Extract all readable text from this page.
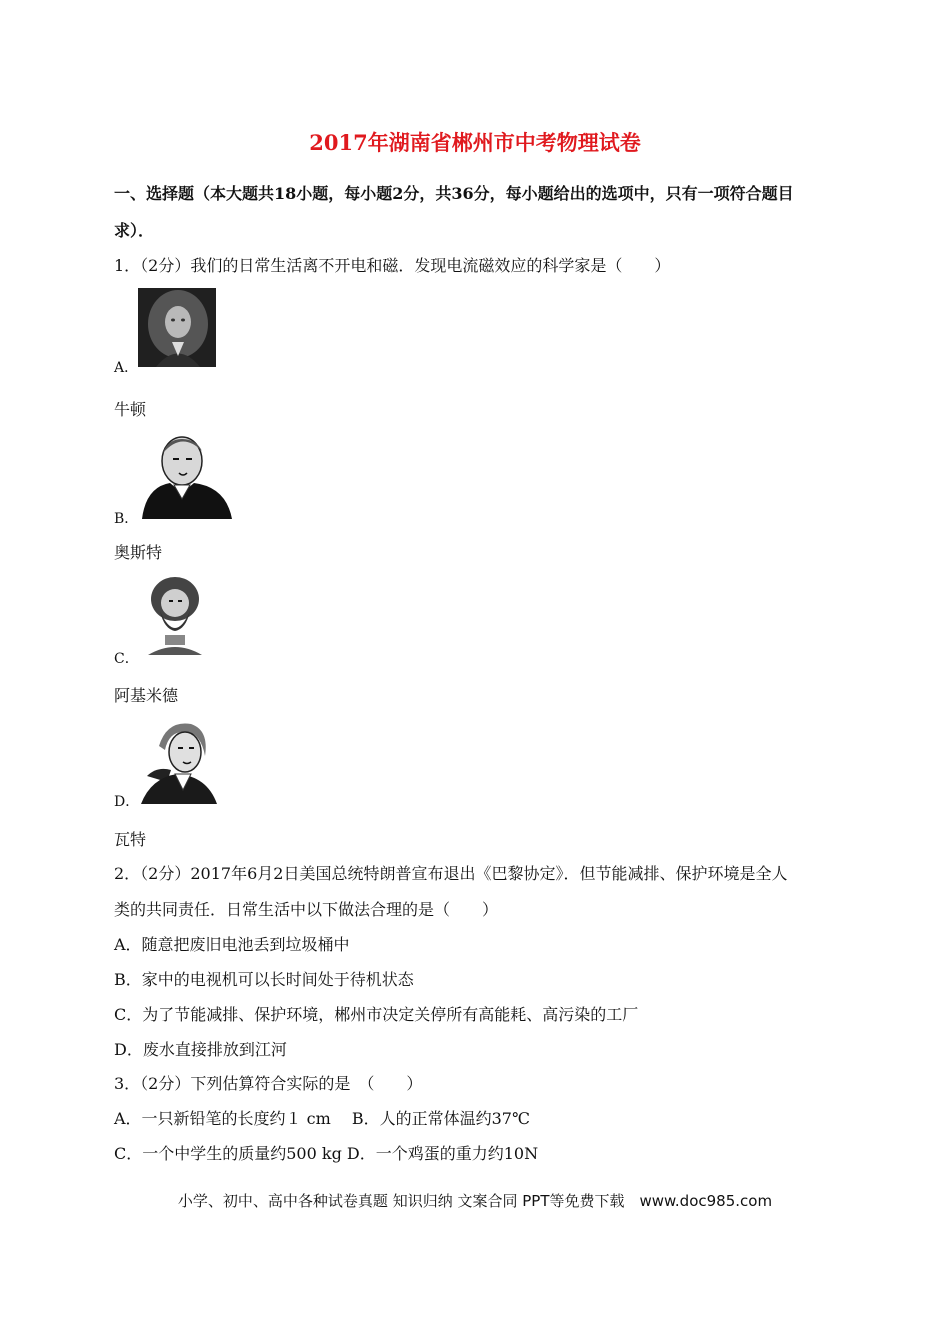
2017年湖南省郴州市中考物理试卷
一、选择题（本大题共18小题，每小题2分，共36分，每小题给出的选项中，只有一项符合题目
求）．
1．（2分）我们的日常生活离不开电和磁．发现电流磁效应的科学家是（　　）
A．
牛顿
B．
奥斯特
C．
阿基米德
D．
瓦特
2．（2分）2017年6月2日美国总统特朗普宣布退出《巴黎协定》．但节能减排、保护环境是全人
类的共同责任．日常生活中以下做法合理的是（　　）
A．随意把废旧电池丢到垃圾桶中
B．家中的电视机可以长时间处于待机状态
C．为了节能减排、保护环境，郴州市决定关停所有高能耗、高污染的工厂
D．废水直接排放到江河
3．（2分）下列估算符合实际的是　（　　）
A．一只新铅笔的长度约１ cm　 B．人的正常体温约37℃
C．一个中学生的质量约500 kg D．一个鸡蛋的重力约10N
小学、初中、高中各种试卷真题 知识归纳 文案合同 PPT等免费下载　www.doc985.com
